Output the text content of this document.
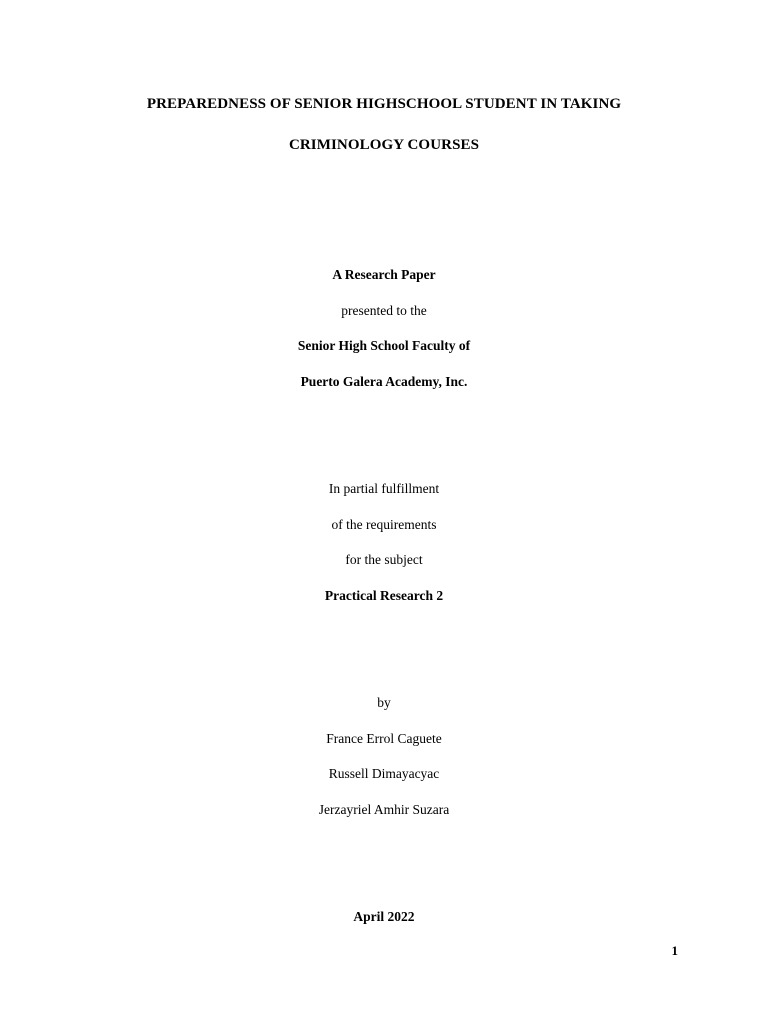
PREPAREDNESS OF SENIOR HIGHSCHOOL STUDENT IN TAKING
CRIMINOLOGY COURSES
A Research Paper
presented to the
Senior High School Faculty of
Puerto Galera Academy, Inc.
In partial fulfillment
of the requirements
for the subject
Practical Research 2
by
France Errol Caguete
Russell Dimayacyac
Jerzayriel Amhir Suzara
April 2022
1
